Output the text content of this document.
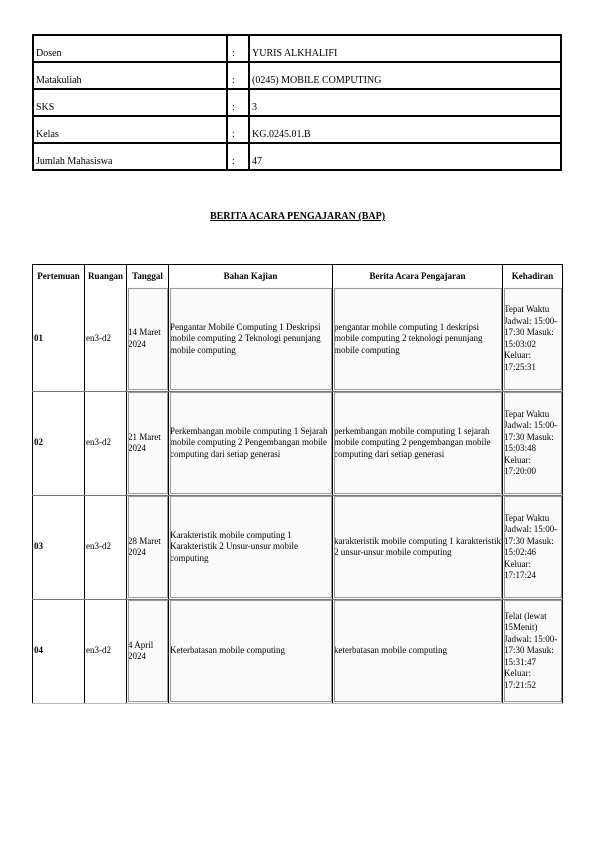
Dosen	:	YURIS ALKHALIFI
Matakuliah	:	(0245) MOBILE COMPUTING
SKS	:	3
Kelas	:	KG.0245.01.B
Jumlah Mahasiswa	:	47
BERITA ACARA PENGAJARAN (BAP)
Pertemuan	Ruangan	Tanggal	Bahan Kajian	Berita Acara Pengajaran	Kehadiran
01	en3-d2	14 Maret 2024	Pengantar Mobile Computing 1 Deskripsi mobile computing 2 Teknologi penunjang mobile computing	pengantar mobile computing 1 deskripsi mobile computing 2 teknologi penunjang mobile computing	Tepat Waktu Jadwal: 15:00-17:30 Masuk: 15:03:02 Keluar: 17:25:31
02	en3-d2	21 Maret 2024	Perkembangan mobile computing 1 Sejarah mobile computing 2 Pengembangan mobile computing dari setiap generasi	perkembangan mobile computing 1 sejarah mobile computing 2 pengembangan mobile computing dari setiap generasi	Tepat Waktu Jadwal: 15:00-17:30 Masuk: 15:03:48 Keluar: 17:20:00
03	en3-d2	28 Maret 2024	Karakteristik mobile computing 1 Karakteristik 2 Unsur-unsur mobile computing	karakteristik mobile computing 1 karakteristik 2 unsur-unsur mobile computing	Tepat Waktu Jadwal: 15:00-17:30 Masuk: 15:02:46 Keluar: 17:17:24
04	en3-d2	4 April 2024	Keterbatasan mobile computing	keterbatasan mobile computing	Telat (lewat 15Menit) Jadwal: 15:00-17:30 Masuk: 15:31:47 Keluar: 17:21:52
